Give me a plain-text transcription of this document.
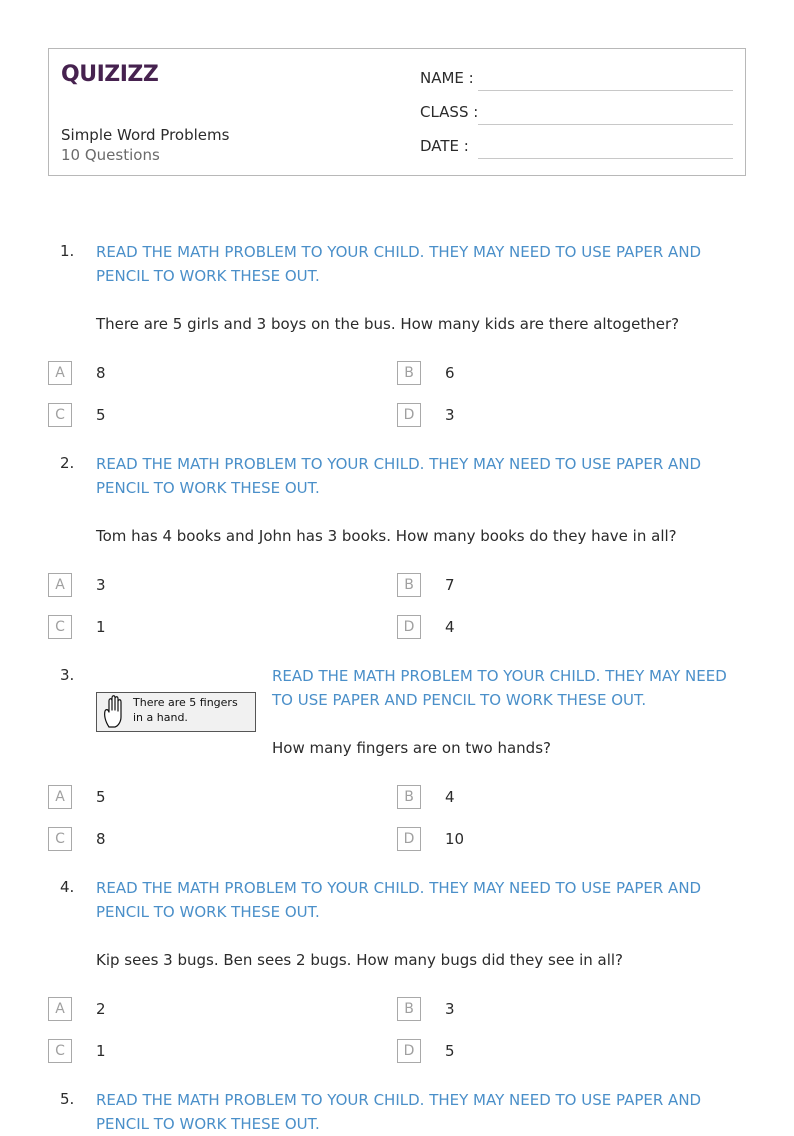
QUIZIZZ
Simple Word Problems
10 Questions
NAME :
CLASS :
DATE :
1. READ THE MATH PROBLEM TO YOUR CHILD. THEY MAY NEED TO USE PAPER AND
PENCIL TO WORK THESE OUT.
There are 5 girls and 3 boys on the bus. How many kids are there altogether?
A	8	B	6
C	5	D	3
2. READ THE MATH PROBLEM TO YOUR CHILD. THEY MAY NEED TO USE PAPER AND
PENCIL TO WORK THESE OUT.
Tom has 4 books and John has 3 books. How many books do they have in all?
A	3	B	7
C	1	D	4
3.
There are 5 fingers
in a hand.
READ THE MATH PROBLEM TO YOUR CHILD. THEY MAY NEED
TO USE PAPER AND PENCIL TO WORK THESE OUT.
How many fingers are on two hands?
A	5	B	4
C	8	D	10
4. READ THE MATH PROBLEM TO YOUR CHILD. THEY MAY NEED TO USE PAPER AND
PENCIL TO WORK THESE OUT.
Kip sees 3 bugs. Ben sees 2 bugs. How many bugs did they see in all?
A	2	B	3
C	1	D	5
5. READ THE MATH PROBLEM TO YOUR CHILD. THEY MAY NEED TO USE PAPER AND
PENCIL TO WORK THESE OUT.
